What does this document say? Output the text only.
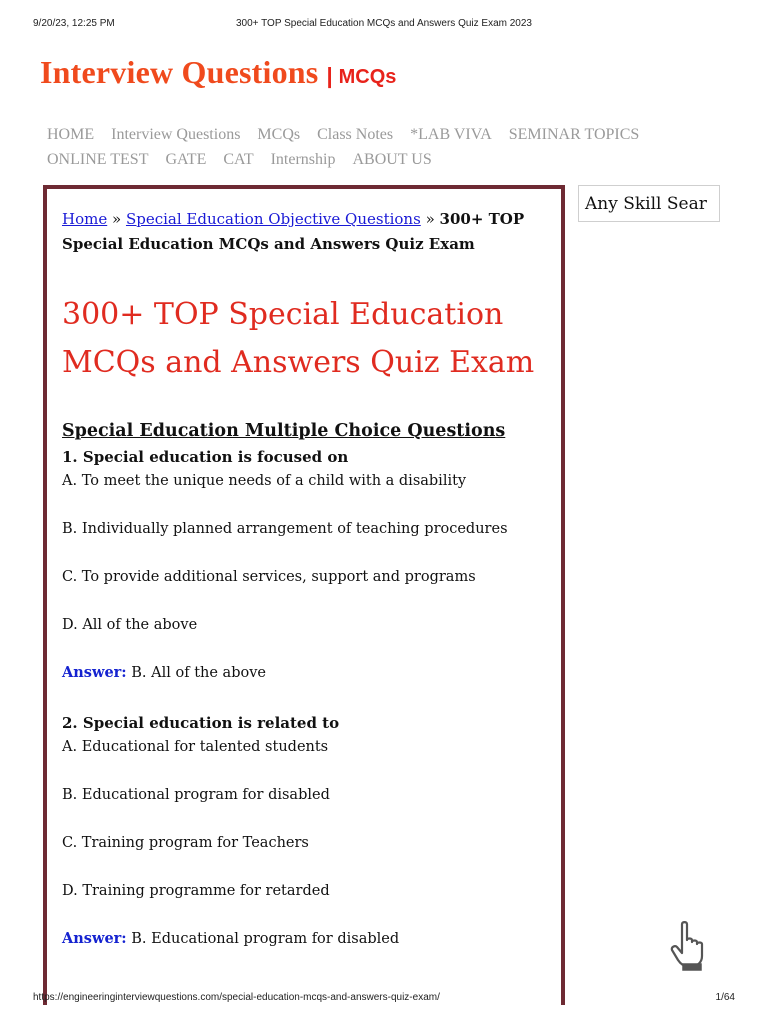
9/20/23, 12:25 PM	300+ TOP Special Education MCQs and Answers Quiz Exam 2023
Interview Questions | MCQs
HOME Interview Questions MCQs Class Notes *LAB VIVA SEMINAR TOPICS
ONLINE TEST GATE CAT Internship ABOUT US
Home » Special Education Objective Questions » 300+ TOP Special Education MCQs and Answers Quiz Exam
300+ TOP Special Education MCQs and Answers Quiz Exam
Special Education Multiple Choice Questions
1. Special education is focused on
A. To meet the unique needs of a child with a disability
B. Individually planned arrangement of teaching procedures
C. To provide additional services, support and programs
D. All of the above
Answer: B. All of the above
2. Special education is related to
A. Educational for talented students
B. Educational program for disabled
C. Training program for Teachers
D. Training programme for retarded
Answer: B. Educational program for disabled
Any Skill Sear
https://engineeringinterviewquestions.com/special-education-mcqs-and-answers-quiz-exam/	1/64
